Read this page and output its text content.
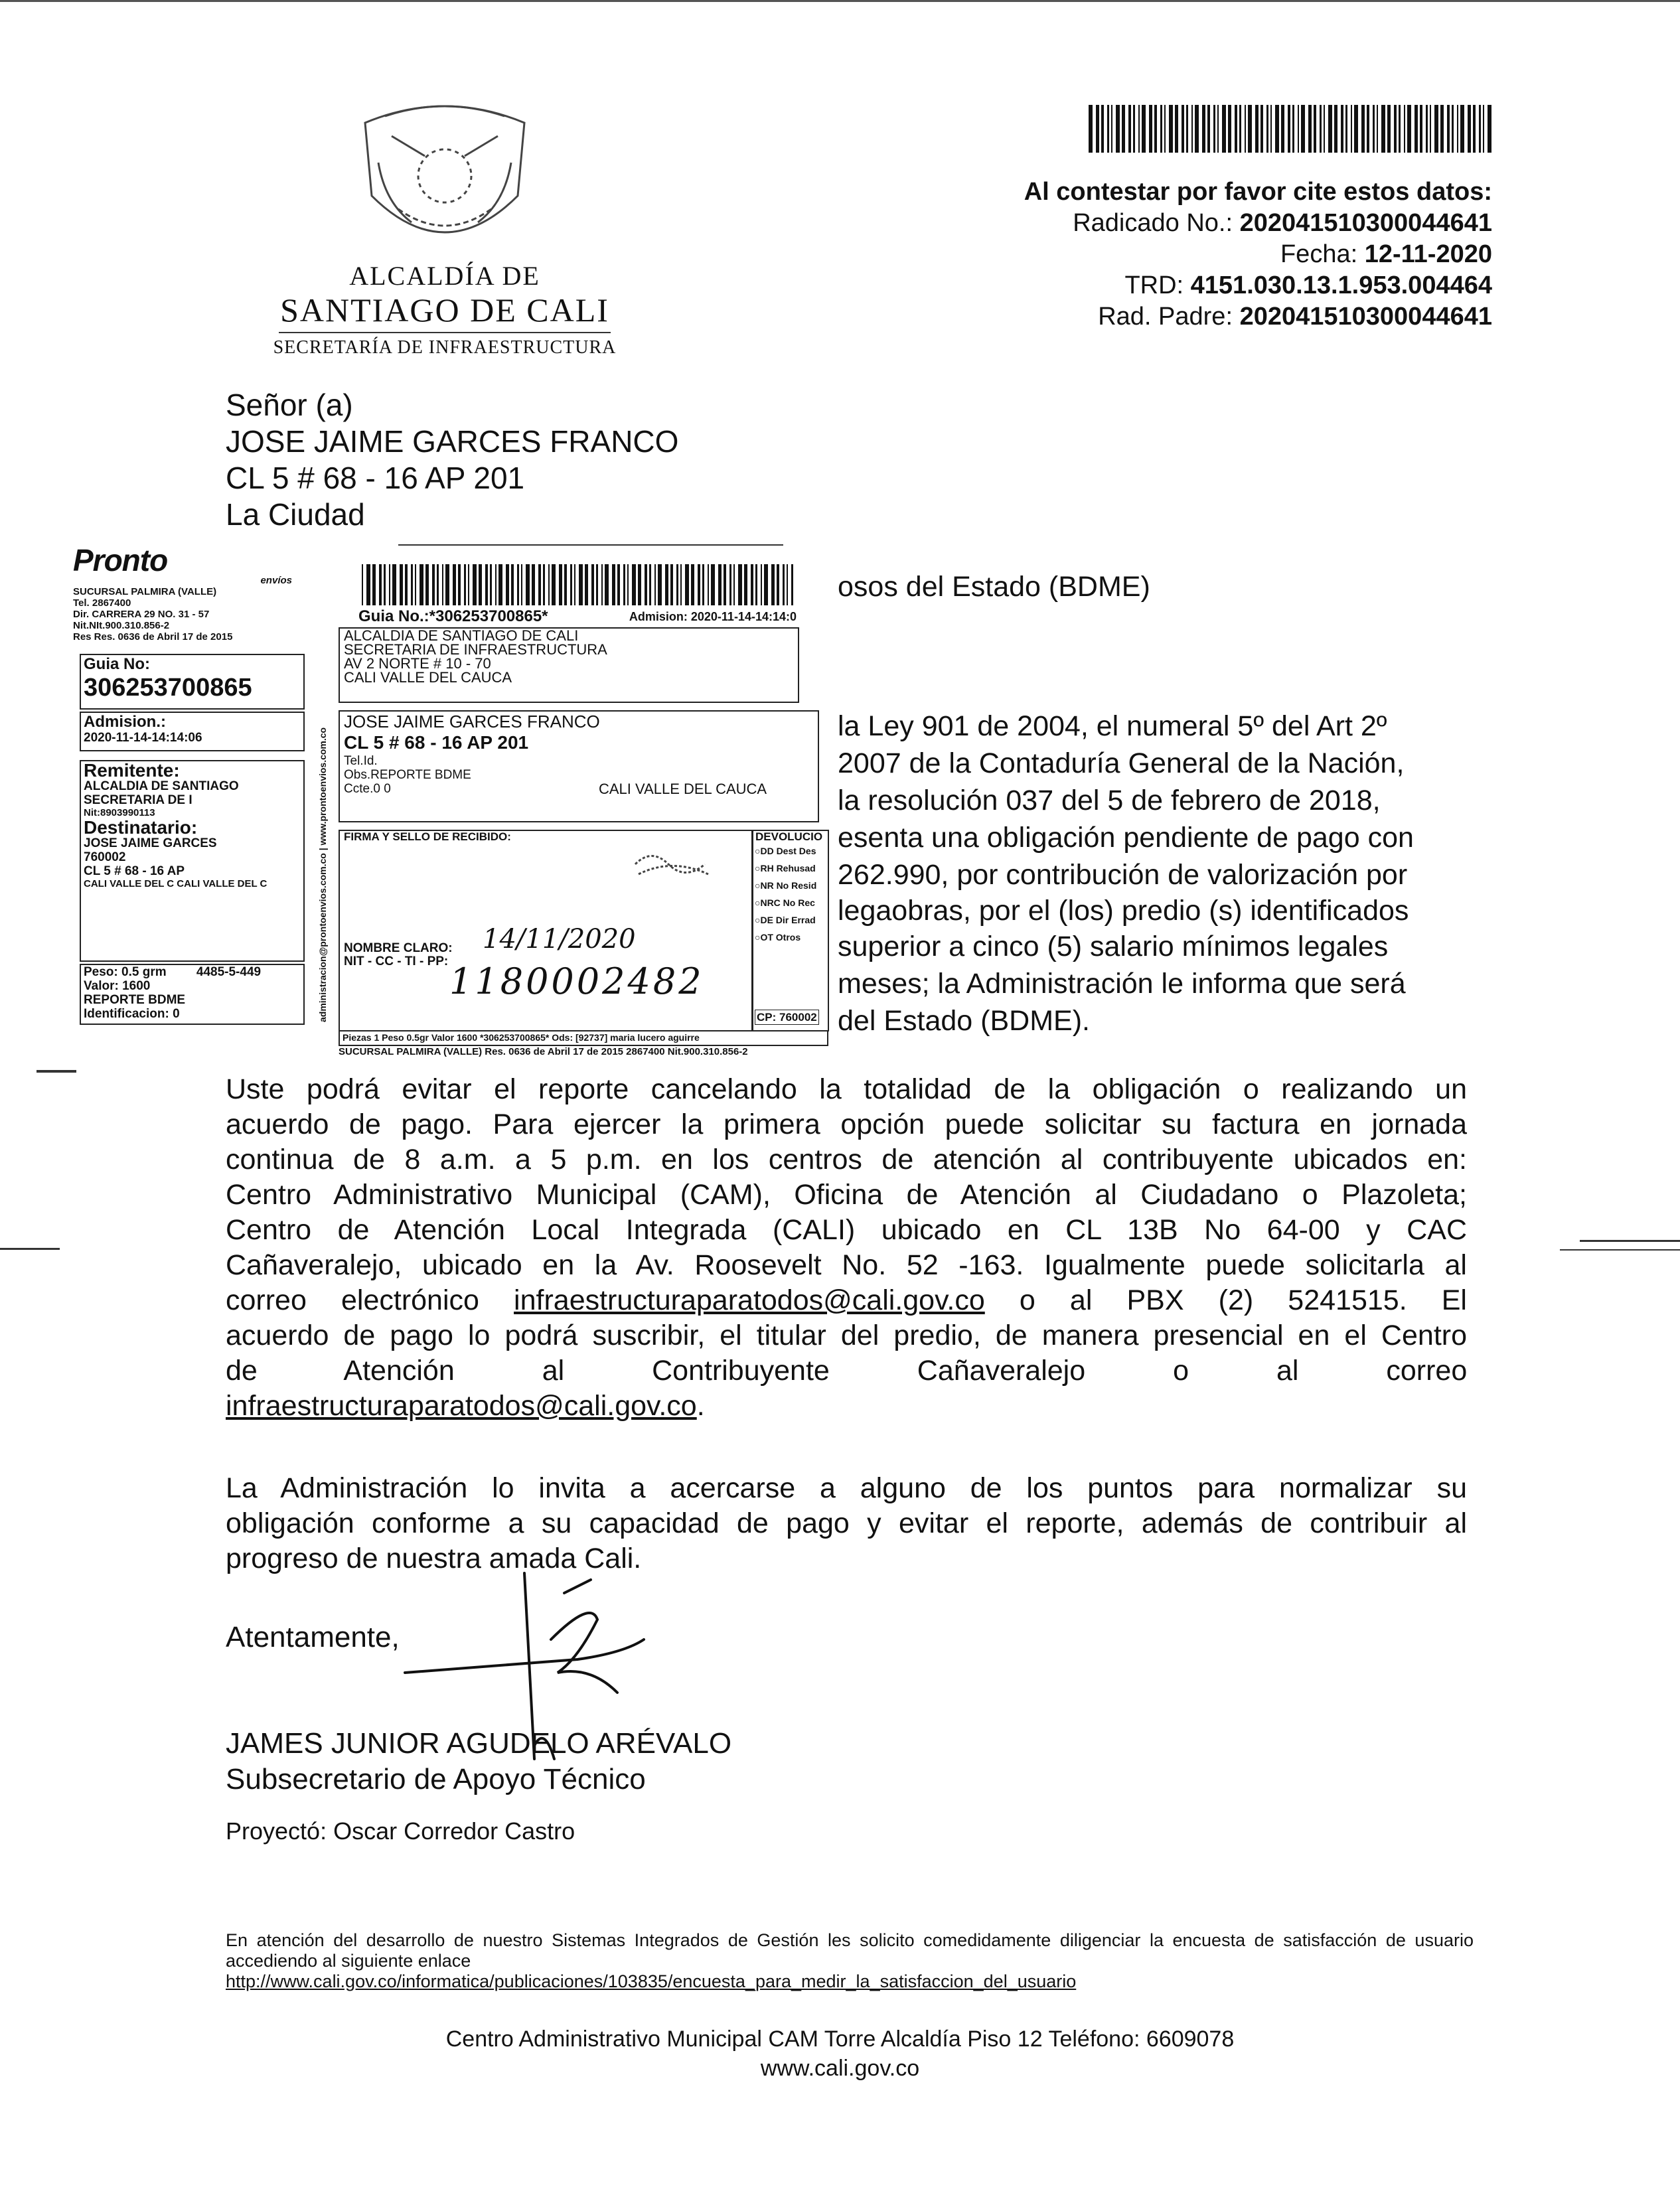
ALCALDÍA DE
SANTIAGO DE CALI
SECRETARÍA DE INFRAESTRUCTURA
Al contestar por favor cite estos datos:
Radicado No.: 202041510300044641
Fecha: 12-11-2020
TRD: 4151.030.13.1.953.004464
Rad. Padre: 202041510300044641
Señor (a)
JOSE JAIME GARCES FRANCO
CL 5 # 68 - 16 AP 201
La Ciudad
osos del Estado (BDME)
la Ley 901 de 2004, el numeral 5º del Art 2º
2007 de la Contaduría General de la Nación,
la resolución 037 del 5 de febrero de 2018,
esenta una obligación pendiente de pago con
262.990, por contribución de valorización por
legaobras, por el (los) predio (s) identificados
superior a cinco (5) salario mínimos legales
meses; la Administración le informa que será
del Estado (BDME).
Uste podrá evitar el reporte cancelando la totalidad de la obligación o realizando un
acuerdo de pago. Para ejercer la primera opción puede solicitar su factura en jornada
continua de 8 a.m. a 5 p.m. en los centros de atención al contribuyente ubicados en:
Centro Administrativo Municipal (CAM), Oficina de Atención al Ciudadano o Plazoleta;
Centro de Atención Local Integrada (CALI) ubicado en CL 13B No 64-00 y CAC
Cañaveralejo, ubicado en la Av. Roosevelt No. 52 -163. Igualmente puede solicitarla al
correo electrónico infraestructuraparatodos@cali.gov.co o al PBX (2) 5241515. El
acuerdo de pago lo podrá suscribir, el titular del predio, de manera presencial en el Centro
de Atención al Contribuyente Cañaveralejo o al correo
infraestructuraparatodos@cali.gov.co.
La Administración lo invita a acercarse a alguno de los puntos para normalizar su
obligación conforme a su capacidad de pago y evitar el reporte, además de contribuir al
progreso de nuestra amada Cali.
Atentamente,
JAMES JUNIOR AGUDELO ARÉVALO
Subsecretario de Apoyo Técnico
Proyectó: Oscar Corredor Castro
En atención del desarrollo de nuestro Sistemas Integrados de Gestión les solicito comedidamente diligenciar la encuesta de satisfacción de usuario accediendo al siguiente enlace
http://www.cali.gov.co/informatica/publicaciones/103835/encuesta_para_medir_la_satisfaccion_del_usuario
Centro Administrativo Municipal CAM Torre Alcaldía Piso 12 Teléfono: 6609078
www.cali.gov.co
Pronto
envíos
SUCURSAL PALMIRA (VALLE)
Tel. 2867400
Dir. CARRERA 29 NO. 31 - 57
Nit.NIt.900.310.856-2
Res Res. 0636 de Abril 17 de 2015
Guia No:
306253700865
Admision.:
2020-11-14-14:14:06
Remitente:
ALCALDIA DE SANTIAGO
SECRETARIA DE I
Nit:8903990113
Destinatario:
JOSE JAIME GARCES
760002
CL 5 # 68 - 16 AP
CALI VALLE DEL C CALI VALLE DEL C
Peso: 0.5 grm 4485-5-449
Valor: 1600
REPORTE BDME
Identificacion: 0
Guia No.:*306253700865*	Admision: 2020-11-14-14:14:0
ALCALDIA DE SANTIAGO DE CALI
SECRETARIA DE INFRAESTRUCTURA
AV 2 NORTE # 10 - 70
CALI VALLE DEL CAUCA
JOSE JAIME GARCES FRANCO
CL 5 # 68 - 16 AP 201
Tel.Id.
Obs.REPORTE BDME
Ccte.0 0	CALI VALLE DEL CAUCA
FIRMA Y SELLO DE RECIBIDO:
NOMBRE CLARO:
NIT - CC - TI - PP:
14/11/2020
1180002482
DEVOLUCIO
○DD Dest Des
○RH Rehusad
○NR No Resid
○NRC No Rec
○DE Dir Errad
○OT Otros
CP: 760002
administracion@prontoenvios.com.co | www.prontoenvios.com.co
Piezas 1 Peso 0.5gr Valor 1600 *306253700865* Ods: [92737] maria lucero aguirre
SUCURSAL PALMIRA (VALLE) Res. 0636 de Abril 17 de 2015 2867400 Nit.900.310.856-2
